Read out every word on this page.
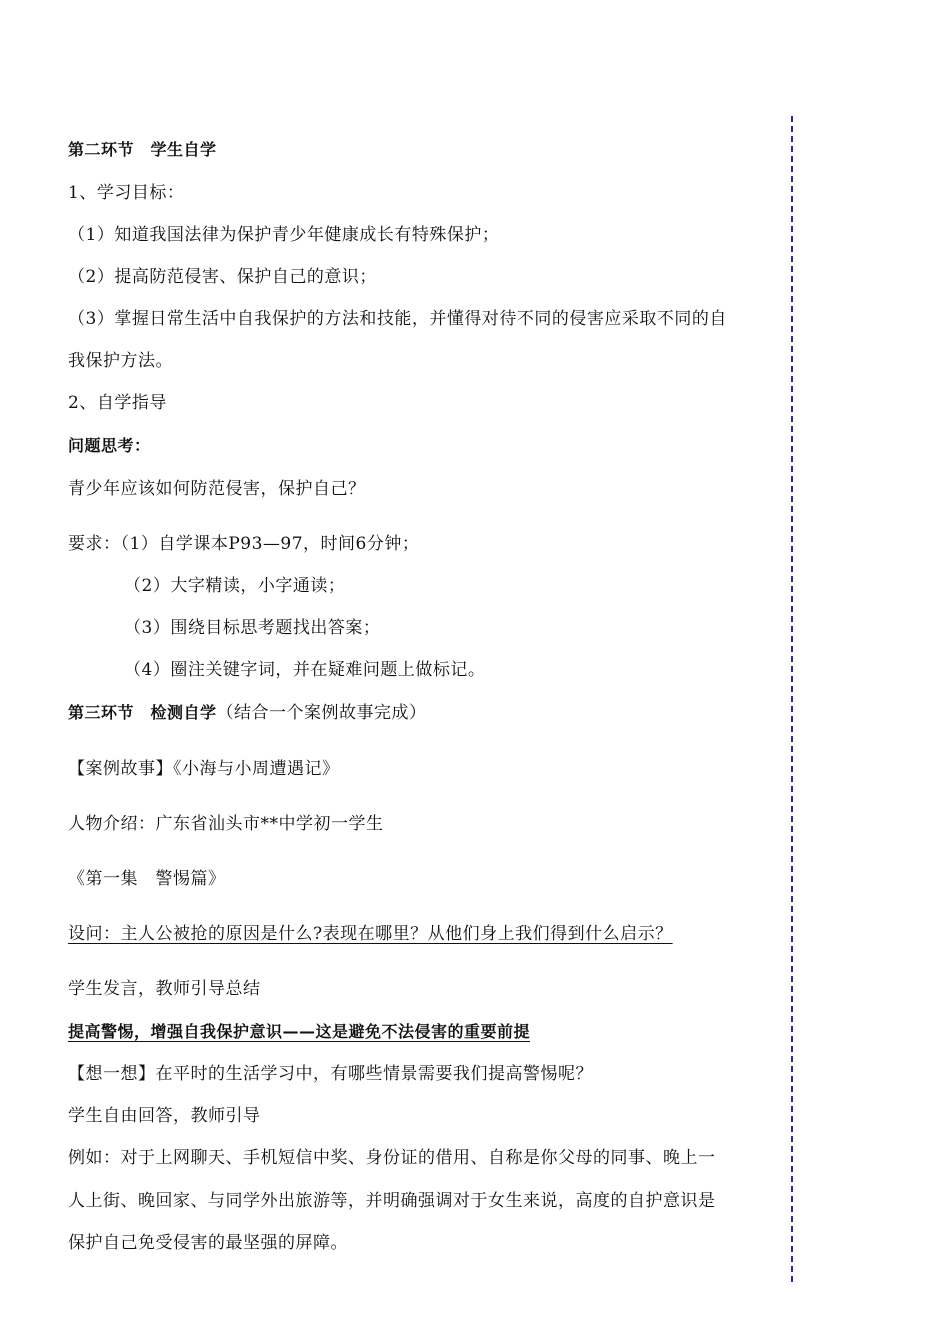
第二环节　学生自学
1、学习目标：
（1）知道我国法律为保护青少年健康成长有特殊保护；
（2）提高防范侵害、保护自己的意识；
（3）掌握日常生活中自我保护的方法和技能，并懂得对待不同的侵害应采取不同的自
我保护方法。
2、自学指导
问题思考：
青少年应该如何防范侵害，保护自己？
要求：（1）自学课本P93—97，时间6分钟；
（2）大字精读，小字通读；
（3）围绕目标思考题找出答案；
（4）圈注关键字词，并在疑难问题上做标记。
第三环节　检测自学（结合一个案例故事完成）
【案例故事】《小海与小周遭遇记》
人物介绍：广东省汕头市**中学初一学生
《第一集　警惕篇》
设问：主人公被抢的原因是什么?表现在哪里？从他们身上我们得到什么启示？
学生发言，教师引导总结
提高警惕，增强自我保护意识——这是避免不法侵害的重要前提
【想一想】在平时的生活学习中，有哪些情景需要我们提高警惕呢？
学生自由回答，教师引导
例如：对于上网聊天、手机短信中奖、身份证的借用、自称是你父母的同事、晚上一
人上街、晚回家、与同学外出旅游等，并明确强调对于女生来说，高度的自护意识是
保护自己免受侵害的最坚强的屏障。
